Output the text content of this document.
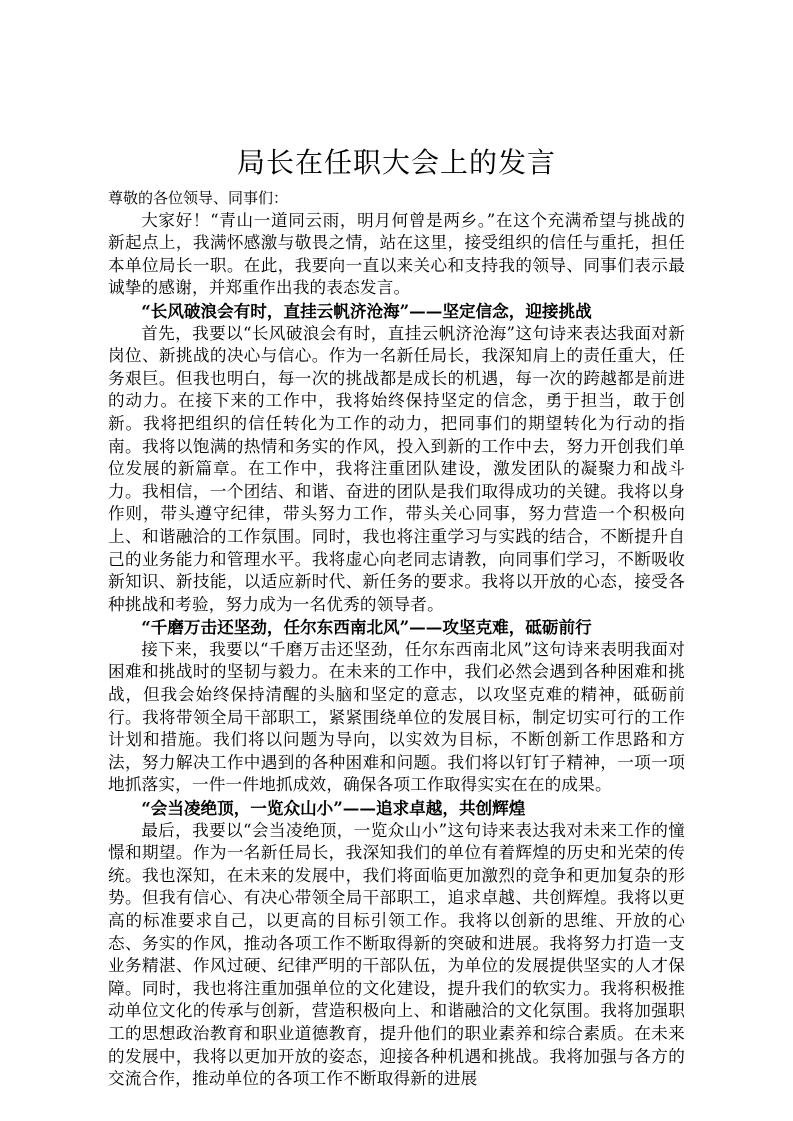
局长在任职大会上的发言

尊敬的各位领导、同事们：

大家好！“青山一道同云雨，明月何曾是两乡。”在这个充满希望与挑战的新起点上，我满怀感激与敬畏之情，站在这里，接受组织的信任与重托，担任本单位局长一职。在此，我要向一直以来关心和支持我的领导、同事们表示最诚挚的感谢，并郑重作出我的表态发言。

“长风破浪会有时，直挂云帆济沧海”——坚定信念，迎接挑战

首先，我要以“长风破浪会有时，直挂云帆济沧海”这句诗来表达我面对新岗位、新挑战的决心与信心。作为一名新任局长，我深知肩上的责任重大，任务艰巨。但我也明白，每一次的挑战都是成长的机遇，每一次的跨越都是前进的动力。在接下来的工作中，我将始终保持坚定的信念，勇于担当，敢于创新。我将把组织的信任转化为工作的动力，把同事们的期望转化为行动的指南。我将以饱满的热情和务实的作风，投入到新的工作中去，努力开创我们单位发展的新篇章。在工作中，我将注重团队建设，激发团队的凝聚力和战斗力。我相信，一个团结、和谐、奋进的团队是我们取得成功的关键。我将以身作则，带头遵守纪律，带头努力工作，带头关心同事，努力营造一个积极向上、和谐融洽的工作氛围。同时，我也将注重学习与实践的结合，不断提升自己的业务能力和管理水平。我将虚心向老同志请教，向同事们学习，不断吸收新知识、新技能，以适应新时代、新任务的要求。我将以开放的心态，接受各种挑战和考验，努力成为一名优秀的领导者。

“千磨万击还坚劲，任尔东西南北风”——攻坚克难，砥砺前行

接下来，我要以“千磨万击还坚劲，任尔东西南北风”这句诗来表明我面对困难和挑战时的坚韧与毅力。在未来的工作中，我们必然会遇到各种困难和挑战，但我会始终保持清醒的头脑和坚定的意志，以攻坚克难的精神，砥砺前行。我将带领全局干部职工，紧紧围绕单位的发展目标，制定切实可行的工作计划和措施。我们将以问题为导向，以实效为目标，不断创新工作思路和方法，努力解决工作中遇到的各种困难和问题。我们将以钉钉子精神，一项一项地抓落实，一件一件地抓成效，确保各项工作取得实实在在的成果。

“会当凌绝顶，一览众山小”——追求卓越，共创辉煌

最后，我要以“会当凌绝顶，一览众山小”这句诗来表达我对未来工作的憧憬和期望。作为一名新任局长，我深知我们的单位有着辉煌的历史和光荣的传统。我也深知，在未来的发展中，我们将面临更加激烈的竞争和更加复杂的形势。但我有信心、有决心带领全局干部职工，追求卓越、共创辉煌。我将以更高的标准要求自己，以更高的目标引领工作。我将以创新的思维、开放的心态、务实的作风，推动各项工作不断取得新的突破和进展。我将努力打造一支业务精湛、作风过硬、纪律严明的干部队伍，为单位的发展提供坚实的人才保障。同时，我也将注重加强单位的文化建设，提升我们的软实力。我将积极推动单位文化的传承与创新，营造积极向上、和谐融洽的文化氛围。我将加强职工的思想政治教育和职业道德教育，提升他们的职业素养和综合素质。在未来的发展中，我将以更加开放的姿态，迎接各种机遇和挑战。我将加强与各方的交流合作，推动单位的各项工作不断取得新的进展
